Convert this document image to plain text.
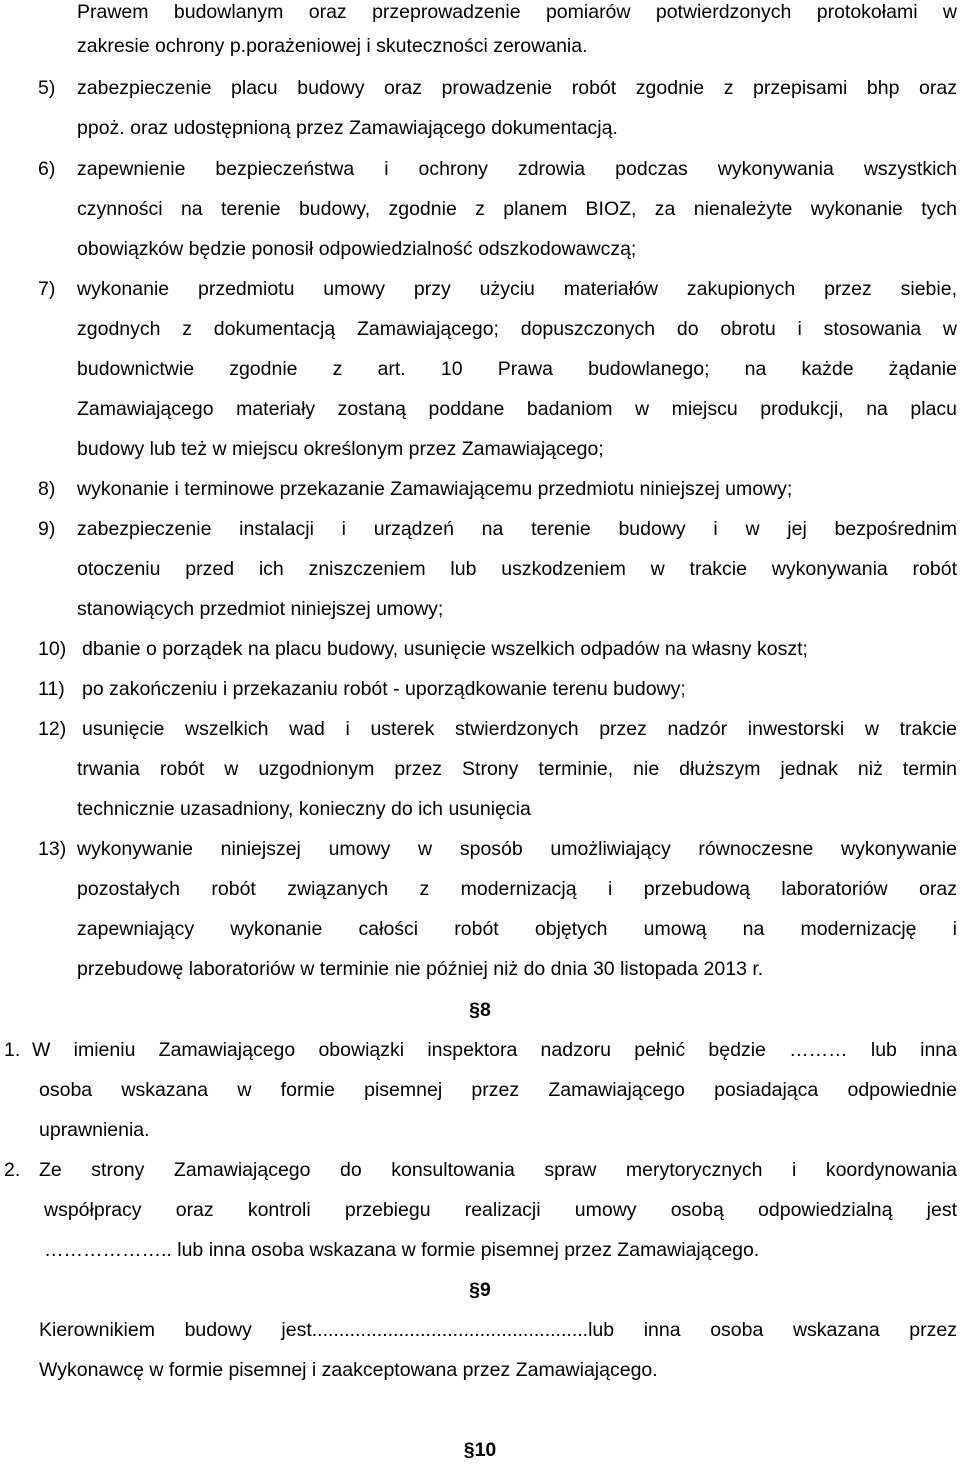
Prawem budowlanym oraz przeprowadzenie pomiarów potwierdzonych protokołami w
zakresie ochrony p.porażeniowej i skuteczności zerowania.
5) zabezpieczenie placu budowy oraz prowadzenie robót zgodnie z przepisami bhp oraz
ppoż. oraz udostępnioną przez Zamawiającego dokumentacją.
6) zapewnienie bezpieczeństwa i ochrony zdrowia podczas wykonywania wszystkich
czynności na terenie budowy, zgodnie z planem BIOZ, za nienależyte wykonanie tych
obowiązków będzie ponosił odpowiedzialność odszkodowawczą;
7) wykonanie przedmiotu umowy przy użyciu materiałów zakupionych przez siebie,
zgodnych z dokumentacją Zamawiającego; dopuszczonych do obrotu i stosowania w
budownictwie zgodnie z art. 10 Prawa budowlanego; na każde żądanie
Zamawiającego materiały zostaną poddane badaniom w miejscu produkcji, na placu
budowy lub też w miejscu określonym przez Zamawiającego;
8) wykonanie i terminowe przekazanie Zamawiającemu przedmiotu niniejszej umowy;
9) zabezpieczenie instalacji i urządzeń na terenie budowy i w jej bezpośrednim
otoczeniu przed ich zniszczeniem lub uszkodzeniem w trakcie wykonywania robót
stanowiących przedmiot niniejszej umowy;
10) dbanie o porządek na placu budowy, usunięcie wszelkich odpadów na własny koszt;
11) po zakończeniu i przekazaniu robót - uporządkowanie terenu budowy;
12) usunięcie wszelkich wad i usterek stwierdzonych przez nadzór inwestorski w trakcie
trwania robót w uzgodnionym przez Strony terminie, nie dłuższym jednak niż termin
technicznie uzasadniony, konieczny do ich usunięcia
13) wykonywanie niniejszej umowy w sposób umożliwiający równoczesne wykonywanie
pozostałych robót związanych z modernizacją i przebudową laboratoriów oraz
zapewniający wykonanie całości robót objętych umową na modernizację i
przebudowę laboratoriów w terminie nie później niż do dnia 30 listopada 2013 r.
§8
1. W imieniu Zamawiającego obowiązki inspektora nadzoru pełnić będzie ……… lub inna
osoba wskazana w formie pisemnej przez Zamawiającego posiadająca odpowiednie
uprawnienia.
2. Ze strony Zamawiającego do konsultowania spraw merytorycznych i koordynowania
współpracy oraz kontroli przebiegu realizacji umowy osobą odpowiedzialną jest
……………….. lub inna osoba wskazana w formie pisemnej przez Zamawiającego.
§9
Kierownikiem budowy jest...................................................lub inna osoba wskazana przez
Wykonawcę w formie pisemnej i zaakceptowana przez Zamawiającego.
§10
